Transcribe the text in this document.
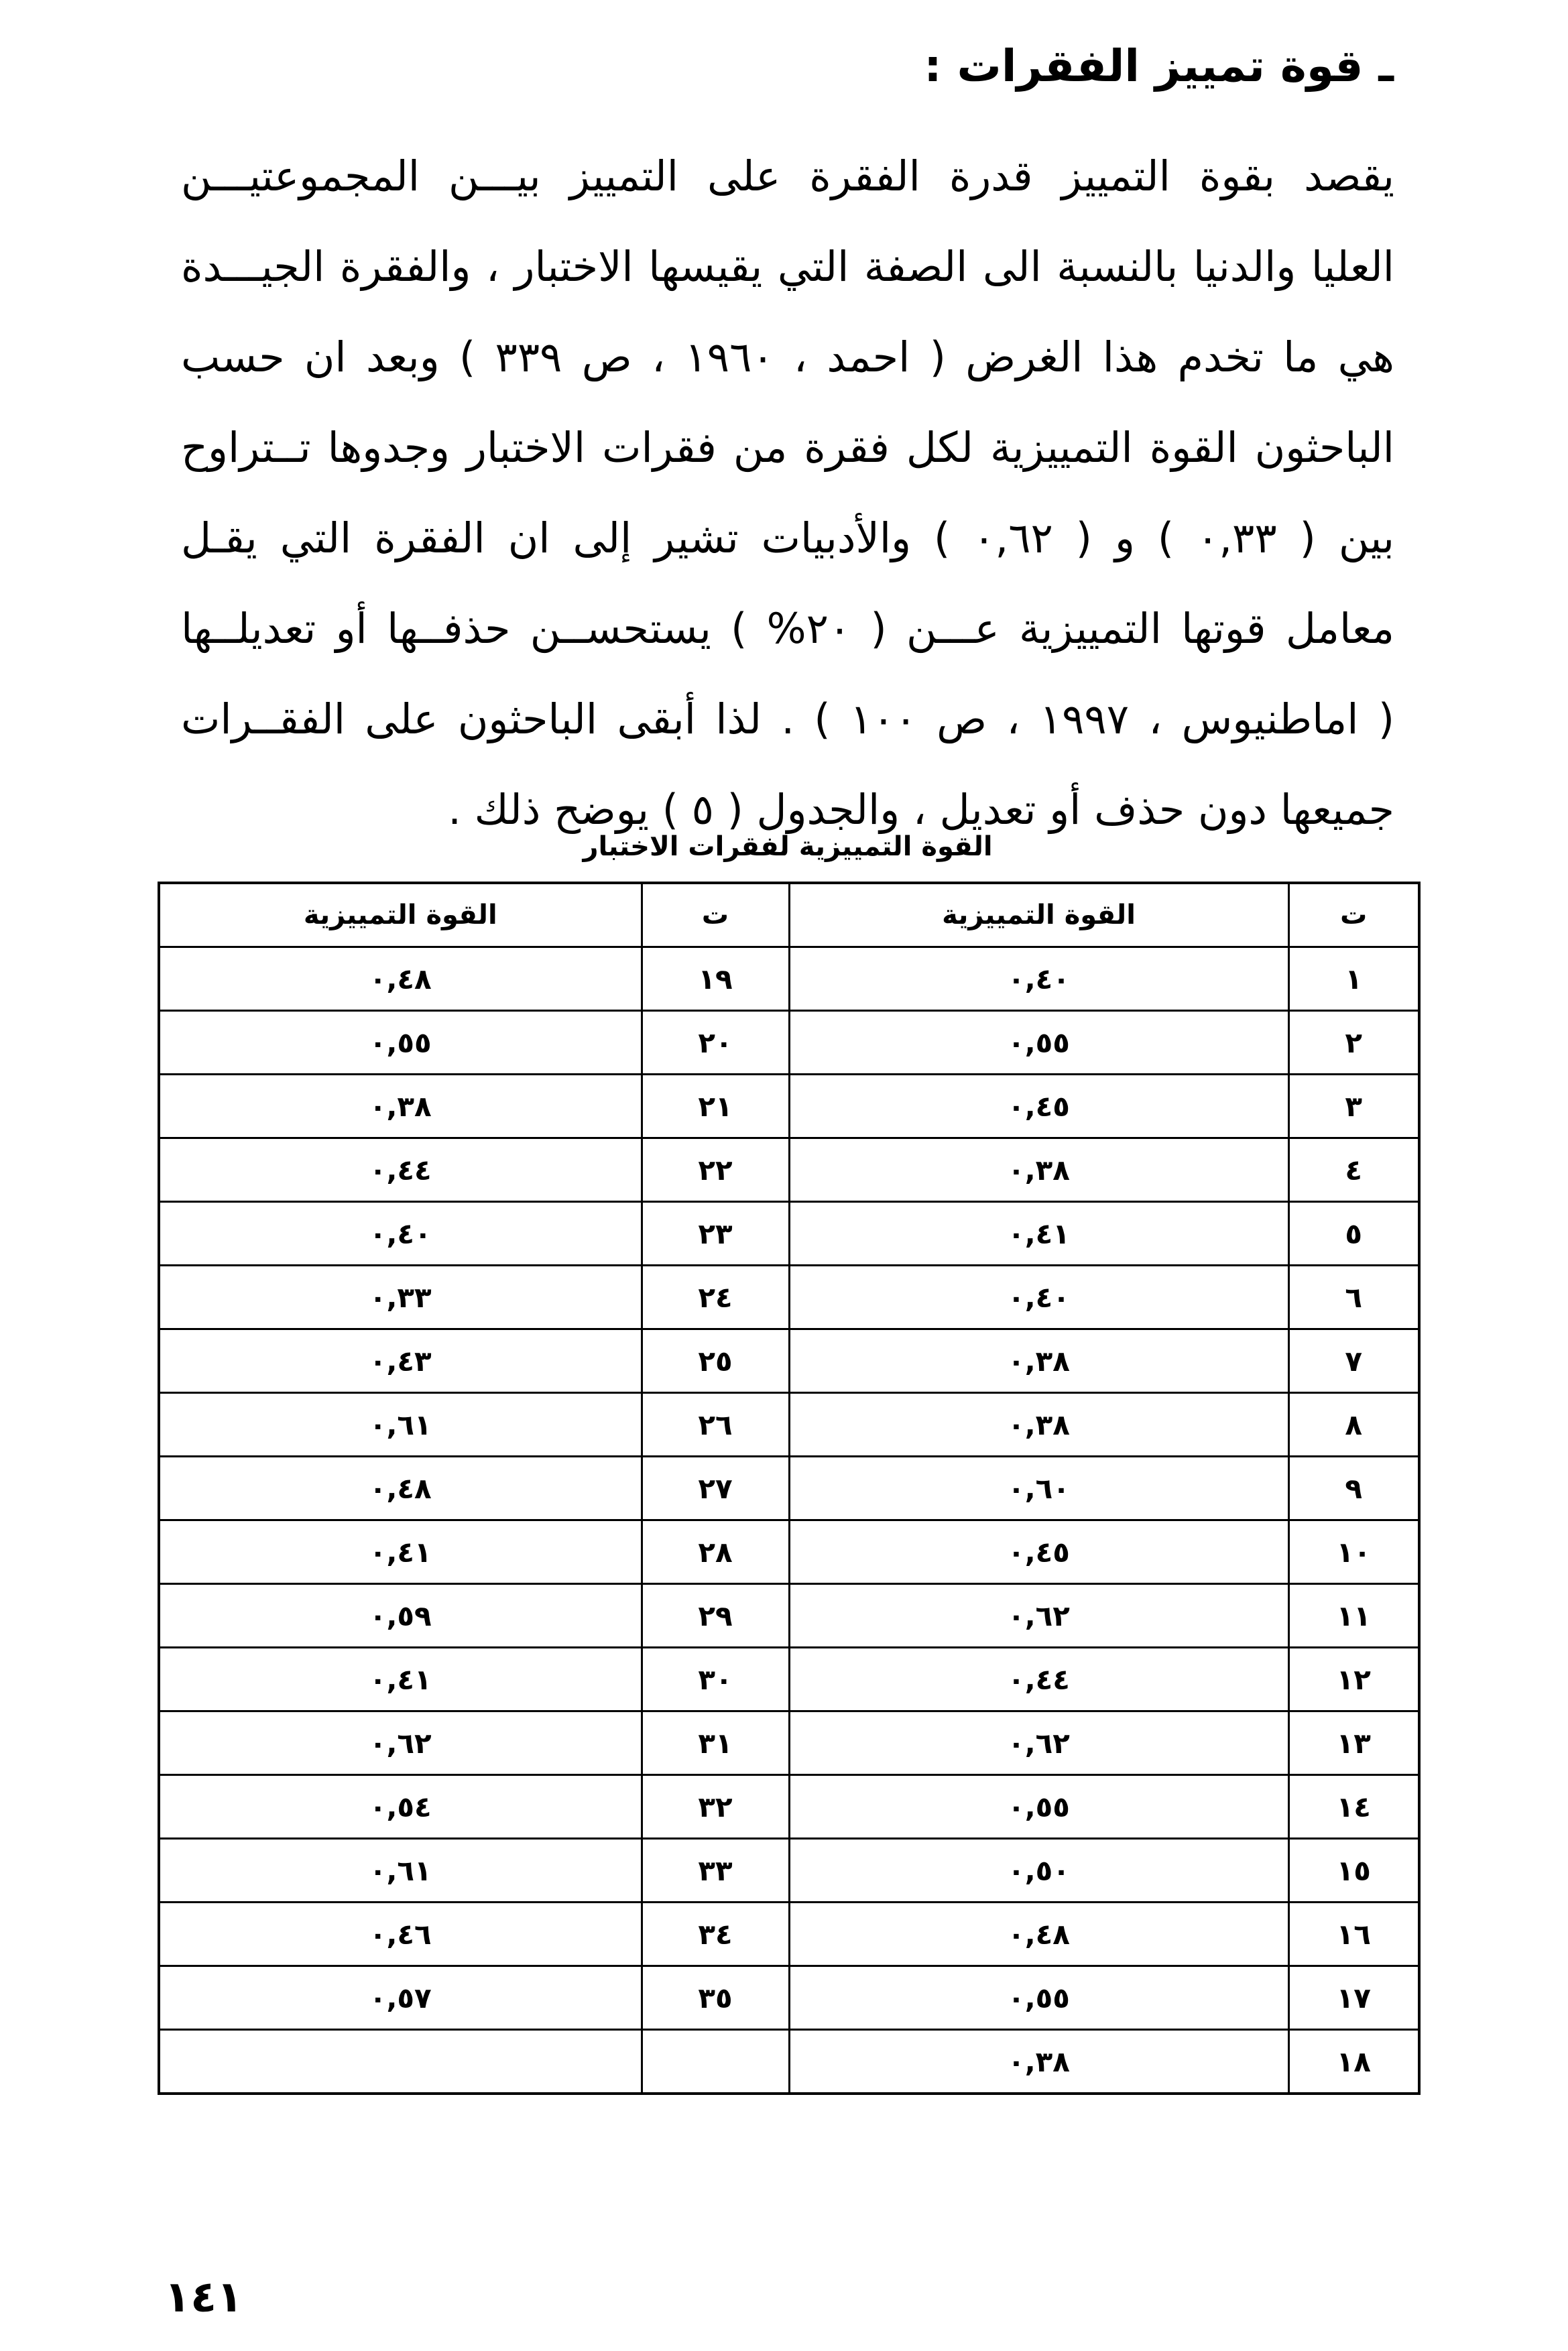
ـ قوة تمييز الفقرات :
يقصد بقوة التمييز قدرة الفقرة على التمييز بيـــن المجموعتيـــن
العليا والدنيا بالنسبة الى الصفة التي يقيسها الاختبار ، والفقرة الجيـــدة
هي ما تخدم هذا الغرض ( احمد ، ١٩٦٠ ، ص ٣٣٩ ) وبعد ان حسب
الباحثون القوة التمييزية لكل فقرة من فقرات الاختبار وجدوها تــتراوح
بين ( ٠,٣٣ ) و ( ٠,٦٢ ) والأدبيات تشير إلى ان الفقرة التي يقـل
معامل قوتها التمييزية عـــن ( ٢٠% ) يستحســن حذفــها أو تعديلــها
( اماطنيوس ، ١٩٩٧ ، ص ١٠٠ ) . لذا أبقى الباحثون على الفقــرات
جميعها دون حذف أو تعديل ، والجدول ( ٥ ) يوضح ذلك .
القوة التمييزية لفقرات الاختبار
ت	القوة التمييزية	ت	القوة التمييزية
١	٠,٤٠	١٩	٠,٤٨
٢	٠,٥٥	٢٠	٠,٥٥
٣	٠,٤٥	٢١	٠,٣٨
٤	٠,٣٨	٢٢	٠,٤٤
٥	٠,٤١	٢٣	٠,٤٠
٦	٠,٤٠	٢٤	٠,٣٣
٧	٠,٣٨	٢٥	٠,٤٣
٨	٠,٣٨	٢٦	٠,٦١
٩	٠,٦٠	٢٧	٠,٤٨
١٠	٠,٤٥	٢٨	٠,٤١
١١	٠,٦٢	٢٩	٠,٥٩
١٢	٠,٤٤	٣٠	٠,٤١
١٣	٠,٦٢	٣١	٠,٦٢
١٤	٠,٥٥	٣٢	٠,٥٤
١٥	٠,٥٠	٣٣	٠,٦١
١٦	٠,٤٨	٣٤	٠,٤٦
١٧	٠,٥٥	٣٥	٠,٥٧
١٨	٠,٣٨		
١٤١
